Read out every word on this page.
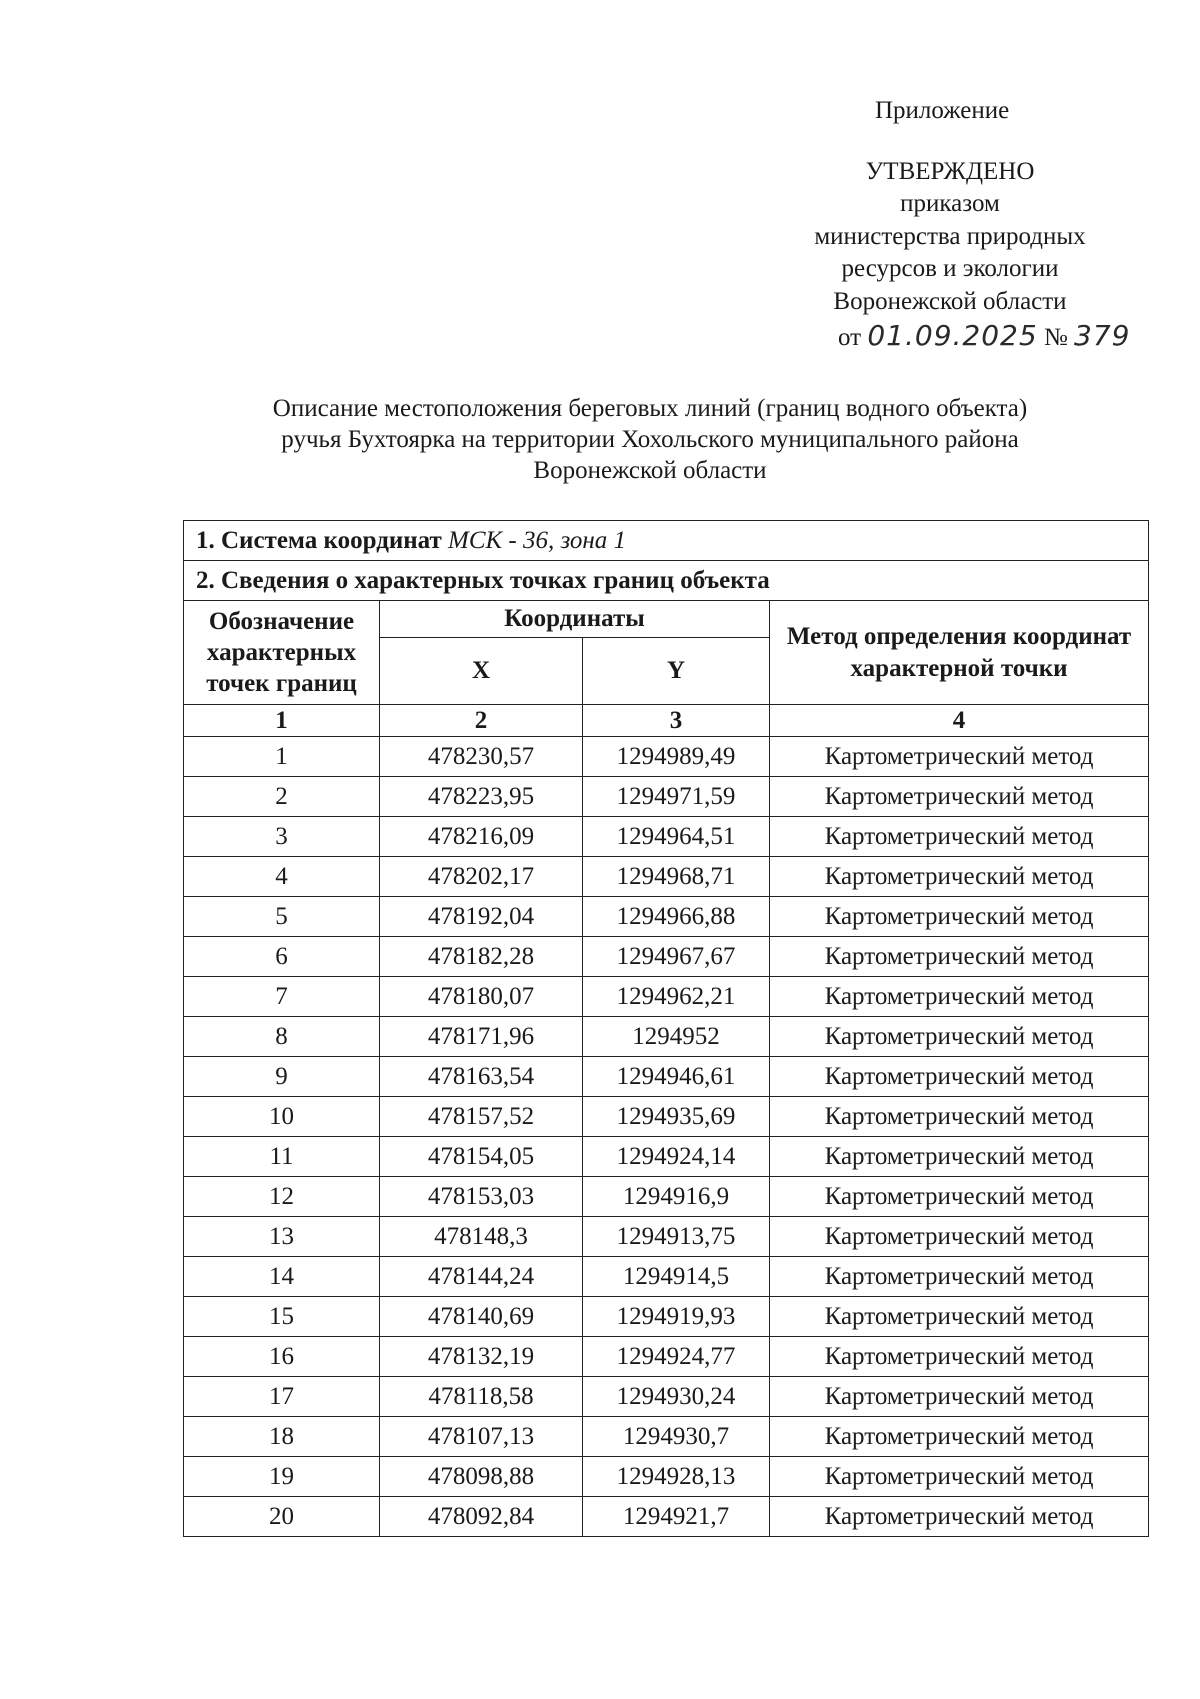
Приложение
УТВЕРЖДЕНО
приказом
министерства природных
ресурсов и экологии
Воронежской области
от 01.09.2025 № 379
Описание местоположения береговых линий (границ водного объекта)
ручья Бухтоярка на территории Хохольского муниципального района
Воронежской области
1. Система координат МСК - 36, зона 1			
2. Сведения о характерных точках границ объекта			
Обозначение характерных точек границ	Координаты		Метод определения координат характерной точки
	X	Y	
1	2	3	4
1	478230,57	1294989,49	Картометрический метод
2	478223,95	1294971,59	Картометрический метод
3	478216,09	1294964,51	Картометрический метод
4	478202,17	1294968,71	Картометрический метод
5	478192,04	1294966,88	Картометрический метод
6	478182,28	1294967,67	Картометрический метод
7	478180,07	1294962,21	Картометрический метод
8	478171,96	1294952	Картометрический метод
9	478163,54	1294946,61	Картометрический метод
10	478157,52	1294935,69	Картометрический метод
11	478154,05	1294924,14	Картометрический метод
12	478153,03	1294916,9	Картометрический метод
13	478148,3	1294913,75	Картометрический метод
14	478144,24	1294914,5	Картометрический метод
15	478140,69	1294919,93	Картометрический метод
16	478132,19	1294924,77	Картометрический метод
17	478118,58	1294930,24	Картометрический метод
18	478107,13	1294930,7	Картометрический метод
19	478098,88	1294928,13	Картометрический метод
20	478092,84	1294921,7	Картометрический метод
